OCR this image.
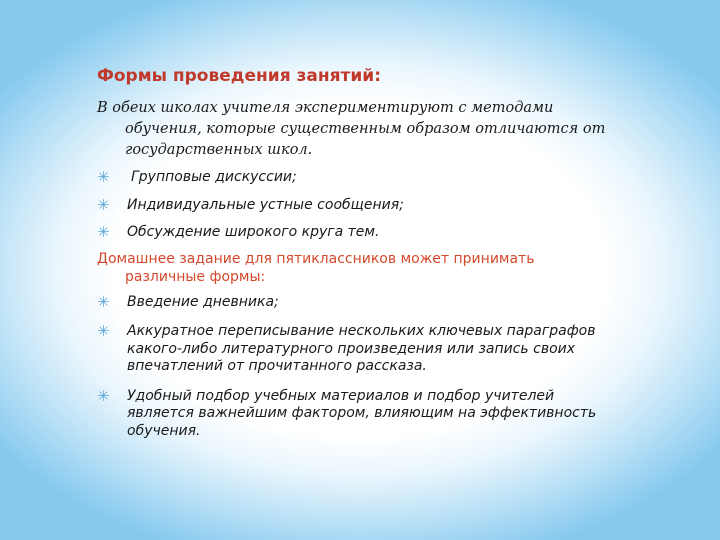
Формы проведения занятий:

В обеих школах учителя экспериментируют с методами обучения, которые существенным образом отличаются от государственных школ.

✳ Групповые дискуссии;
✳ Индивидуальные устные сообщения;
✳ Обсуждение широкого круга тем.
Домашнее задание для пятиклассников может принимать различные формы:
✳ Введение дневника;
✳ Аккуратное переписывание нескольких ключевых параграфов какого-либо литературного произведения или запись своих впечатлений от прочитанного рассказа.
✳ Удобный подбор учебных материалов и подбор учителей является важнейшим фактором, влияющим на эффективность обучения.
